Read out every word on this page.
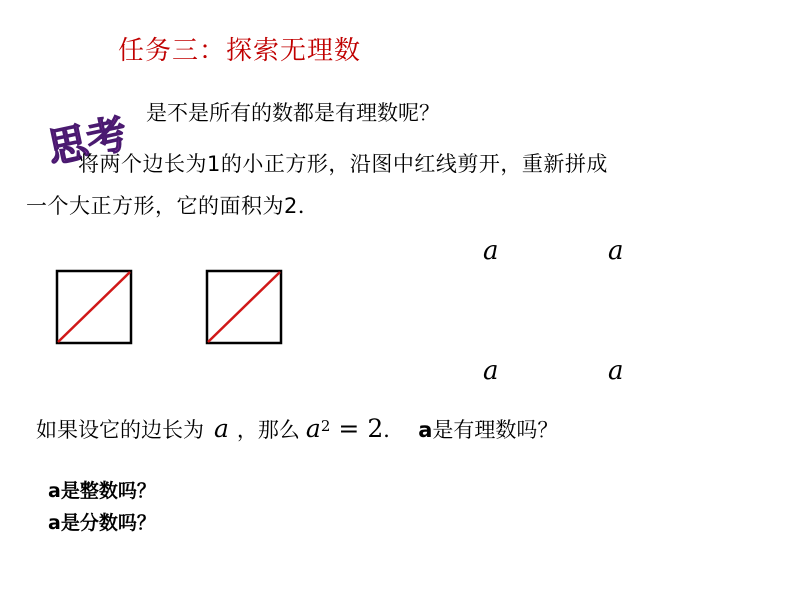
任务三：探索无理数
思考 是不是所有的数都是有理数呢？
将两个边长为1的小正方形，沿图中红线剪开，重新拼成
一个大正方形，它的面积为2．
a	a
a	a
如果设它的边长为 a ，那么 $a^2 = 2$ ． a 是有理数吗？
a是整数吗？
a是分数吗？
